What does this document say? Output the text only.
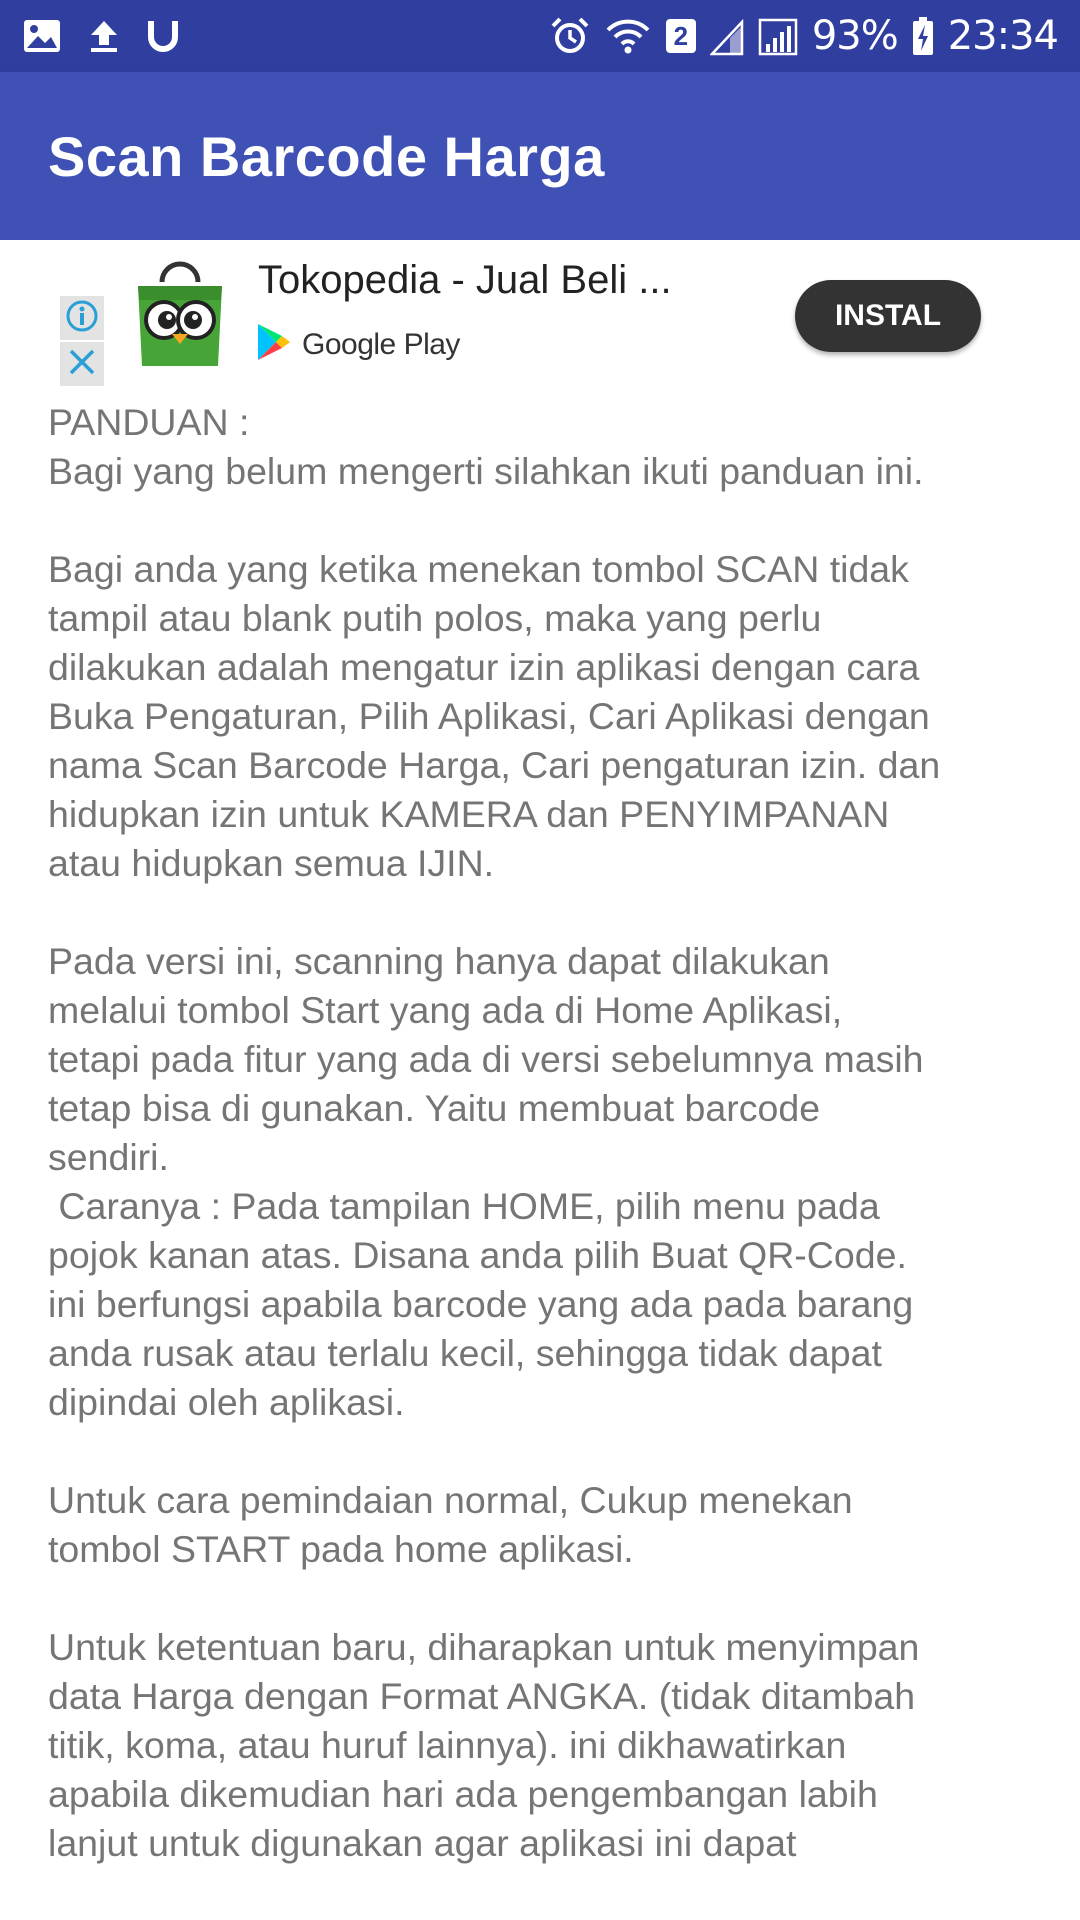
2	93% 23:34
Scan Barcode Harga
Tokopedia - Jual Beli ...
Google Play
INSTAL
PANDUAN :
Bagi yang belum mengerti silahkan ikuti panduan ini.
Bagi anda yang ketika menekan tombol SCAN tidak
tampil atau blank putih polos, maka yang perlu
dilakukan adalah mengatur izin aplikasi dengan cara
Buka Pengaturan, Pilih Aplikasi, Cari Aplikasi dengan
nama Scan Barcode Harga, Cari pengaturan izin. dan
hidupkan izin untuk KAMERA dan PENYIMPANAN
atau hidupkan semua IJIN.
Pada versi ini, scanning hanya dapat dilakukan
melalui tombol Start yang ada di Home Aplikasi,
tetapi pada fitur yang ada di versi sebelumnya masih
tetap bisa di gunakan. Yaitu membuat barcode
sendiri.
Caranya : Pada tampilan HOME, pilih menu pada
pojok kanan atas. Disana anda pilih Buat QR-Code.
ini berfungsi apabila barcode yang ada pada barang
anda rusak atau terlalu kecil, sehingga tidak dapat
dipindai oleh aplikasi.
Untuk cara pemindaian normal, Cukup menekan
tombol START pada home aplikasi.
Untuk ketentuan baru, diharapkan untuk menyimpan
data Harga dengan Format ANGKA. (tidak ditambah
titik, koma, atau huruf lainnya). ini dikhawatirkan
apabila dikemudian hari ada pengembangan labih
lanjut untuk digunakan agar aplikasi ini dapat
